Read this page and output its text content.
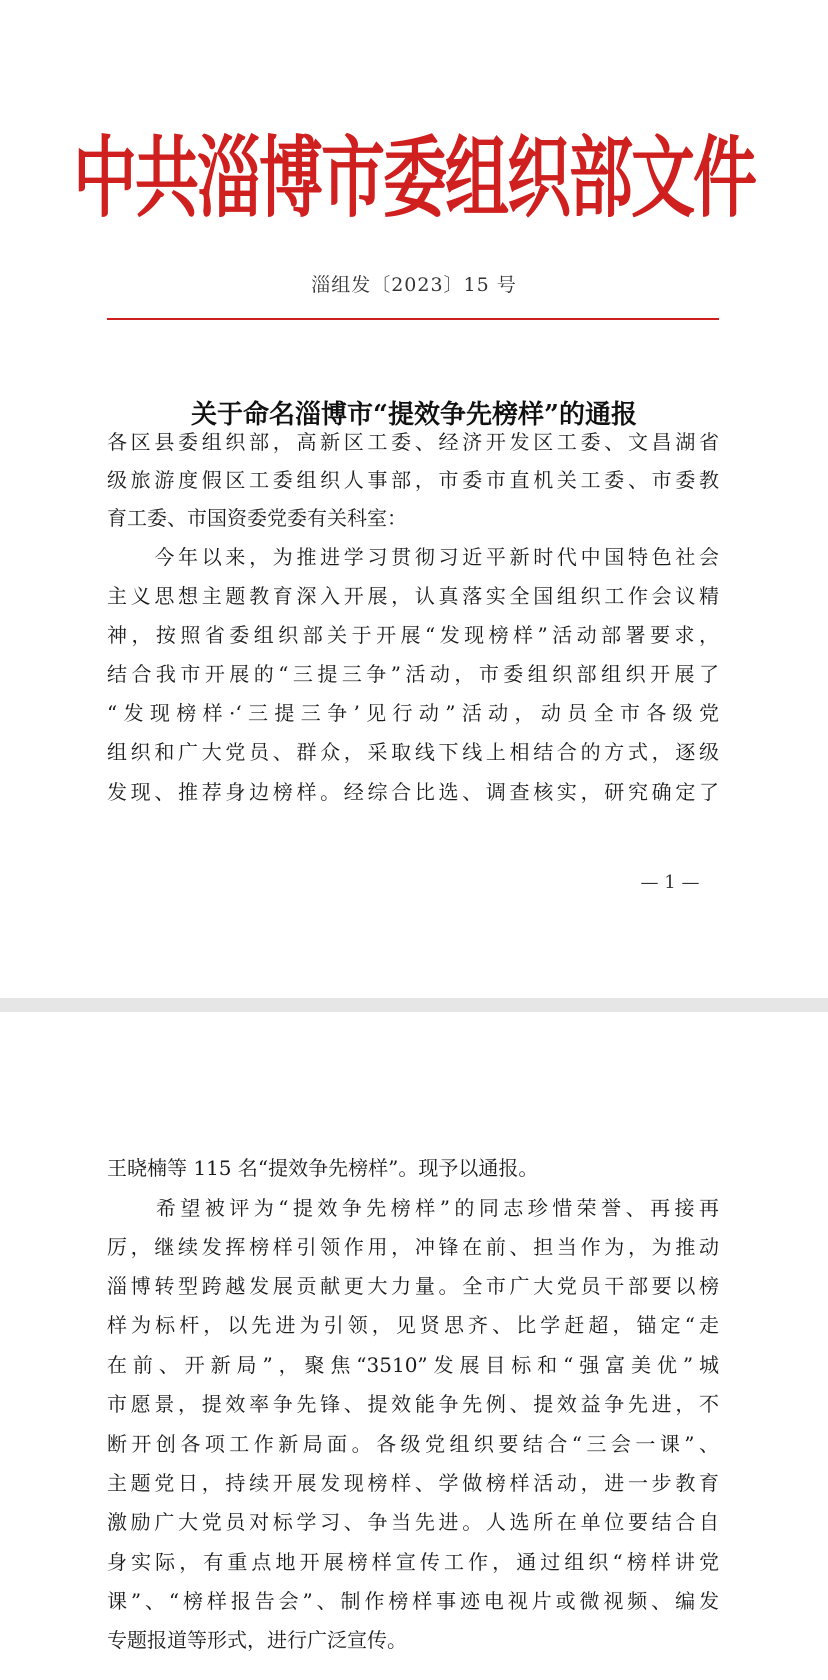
中共淄博市委组织部文件
淄组发〔2023〕15 号
关于命名淄博市“提效争先榜样”的通报
各区县委组织部，高新区工委、经济开发区工委、文昌湖省
级旅游度假区工委组织人事部，市委市直机关工委、市委教
育工委、市国资委党委有关科室：
　　今年以来，为推进学习贯彻习近平新时代中国特色社会
主义思想主题教育深入开展，认真落实全国组织工作会议精
神，按照省委组织部关于开展“发现榜样”活动部署要求，
结合我市开展的“三提三争”活动，市委组织部组织开展了
“发现榜样·‘三提三争’见行动”活动，动员全市各级党
组织和广大党员、群众，采取线下线上相结合的方式，逐级
发现、推荐身边榜样。经综合比选、调查核实，研究确定了
— 1 —
王晓楠等 115 名“提效争先榜样”。现予以通报。
　　希望被评为“提效争先榜样”的同志珍惜荣誉、再接再
厉，继续发挥榜样引领作用，冲锋在前、担当作为，为推动
淄博转型跨越发展贡献更大力量。全市广大党员干部要以榜
样为标杆，以先进为引领，见贤思齐、比学赶超，锚定“走
在前、开新局”，聚焦“3510”发展目标和“强富美优”城
市愿景，提效率争先锋、提效能争先例、提效益争先进，不
断开创各项工作新局面。各级党组织要结合“三会一课”、
主题党日，持续开展发现榜样、学做榜样活动，进一步教育
激励广大党员对标学习、争当先进。人选所在单位要结合自
身实际，有重点地开展榜样宣传工作，通过组织“榜样讲党
课”、“榜样报告会”、制作榜样事迹电视片或微视频、编发
专题报道等形式，进行广泛宣传。
